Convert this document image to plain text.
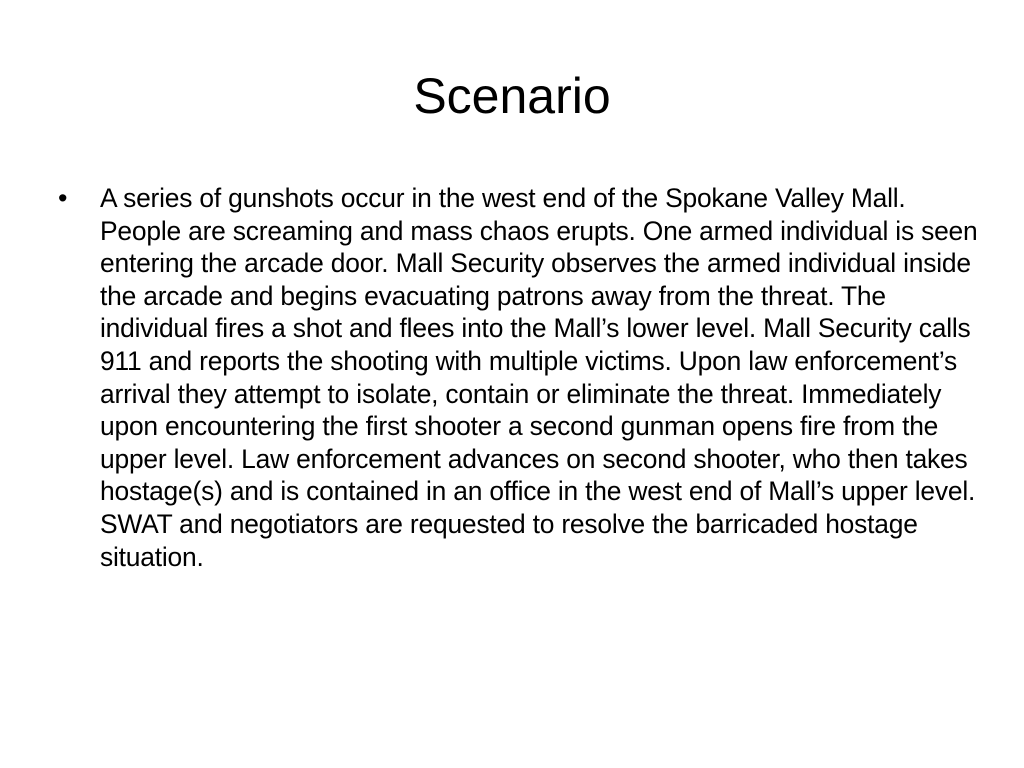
Scenario
•	A series of gunshots occur in the west end of the Spokane Valley Mall. People are screaming and mass chaos erupts. One armed individual is seen entering the arcade door. Mall Security observes the armed individual inside the arcade and begins evacuating patrons away from the threat. The individual fires a shot and flees into the Mall’s lower level. Mall Security calls 911 and reports the shooting with multiple victims. Upon law enforcement’s arrival they attempt to isolate, contain or eliminate the threat. Immediately upon encountering the first shooter a second gunman opens fire from the upper level. Law enforcement advances on second shooter, who then takes hostage(s) and is contained in an office in the west end of Mall’s upper level. SWAT and negotiators are requested to resolve the barricaded hostage situation.
